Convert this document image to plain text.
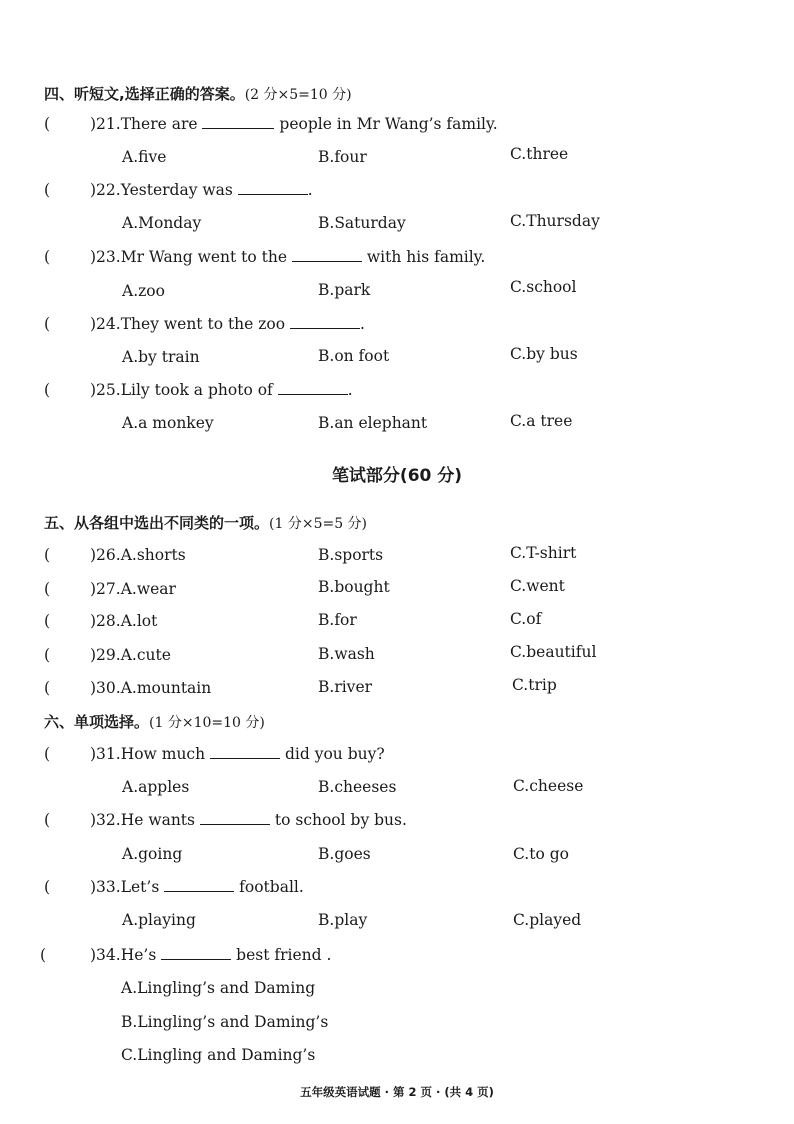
四、听短文,选择正确的答案。(2 分×5=10 分)
(	)21.There are	people in Mr Wang’s family.
A.five	B.four	C.three
(	)22.Yesterday was	.
A.Monday	B.Saturday	C.Thursday
(	)23.Mr Wang went to the	with his family.
A.zoo	B.park	C.school
(	)24.They went to the zoo	.
A.by train	B.on foot	C.by bus
(	)25.Lily took a photo of	.
A.a monkey	B.an elephant	C.a tree
笔试部分(60 分)
五、从各组中选出不同类的一项。(1 分×5=5 分)
(	)26.A.shorts	B.sports	C.T-shirt
(	)27.A.wear	B.bought	C.went
(	)28.A.lot	B.for	C.of
(	)29.A.cute	B.wash	C.beautiful
(	)30.A.mountain	B.river	C.trip
六、单项选择。(1 分×10=10 分)
(	)31.How much	did you buy?
A.apples	B.cheeses	C.cheese
(	)32.He wants	to school by bus.
A.going	B.goes	C.to go
(	)33.Let’s	football.
A.playing	B.play	C.played
(	)34.He’s	best friend .
A.Lingling’s and Daming
B.Lingling’s and Daming’s
C.Lingling and Daming’s
五年级英语试题 · 第 2 页 · (共 4 页)
